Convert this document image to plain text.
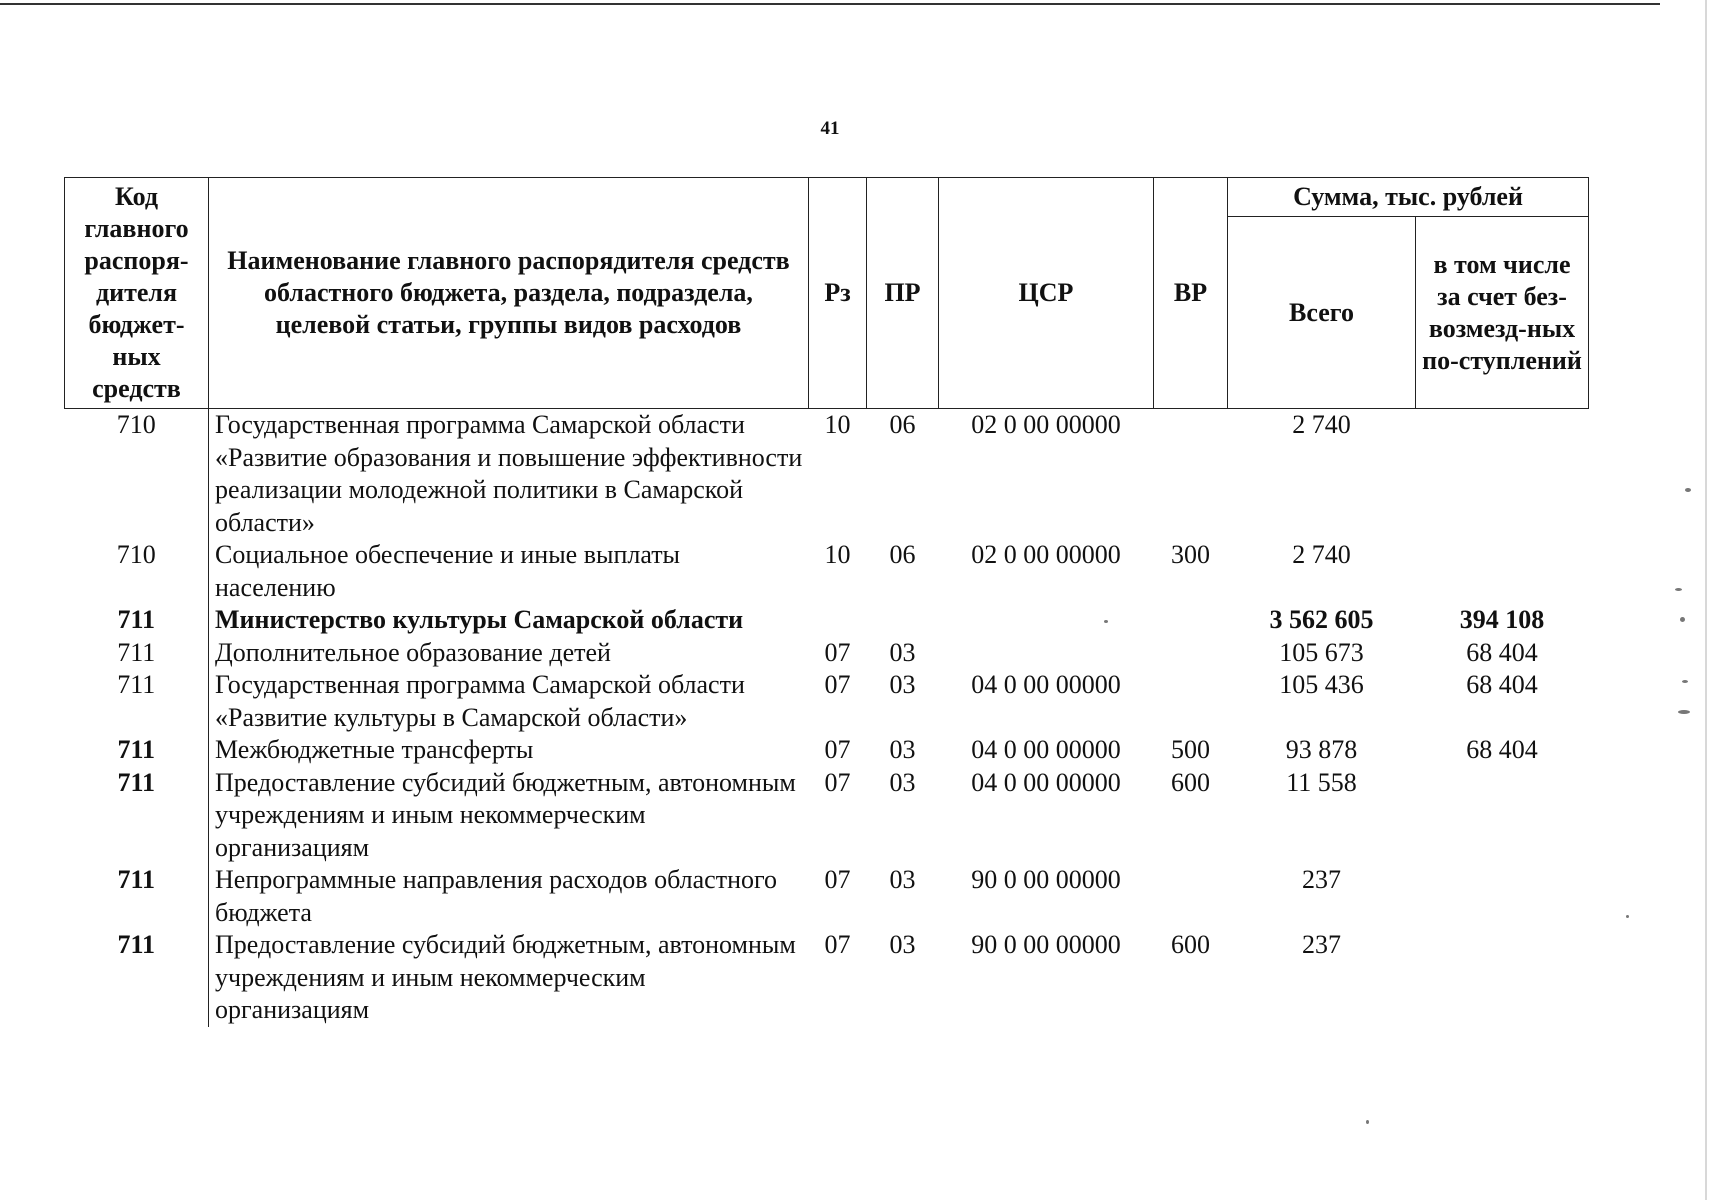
41
Код главного распоря-дителя бюджет-ных средств	Наименование главного распорядителя средств областного бюджета, раздела, подраздела, целевой статьи, группы видов расходов	Рз	ПР	ЦСР	ВР	Сумма, тыс. рублей	
						Всего	в том числе за счет без-возмезд-ных по-ступлений
710	Государственная программа Самарской области «Развитие образования и повышение эффективности реализации молодежной политики в Самарской области»	10	06	02 0 00 00000		2 740	
710	Социальное обеспечение и иные выплаты населению	10	06	02 0 00 00000	300	2 740	
711	Министерство культуры Самарской области					3 562 605	394 108
711	Дополнительное образование детей	07	03			105 673	68 404
711	Государственная программа Самарской области «Развитие культуры в Самарской области»	07	03	04 0 00 00000		105 436	68 404
711	Межбюджетные трансферты	07	03	04 0 00 00000	500	93 878	68 404
711	Предоставление субсидий бюджетным, автономным учреждениям и иным некоммерческим организациям	07	03	04 0 00 00000	600	11 558	
711	Непрограммные направления расходов областного бюджета	07	03	90 0 00 00000		237	
711	Предоставление субсидий бюджетным, автономным учреждениям и иным некоммерческим организациям	07	03	90 0 00 00000	600	237	
